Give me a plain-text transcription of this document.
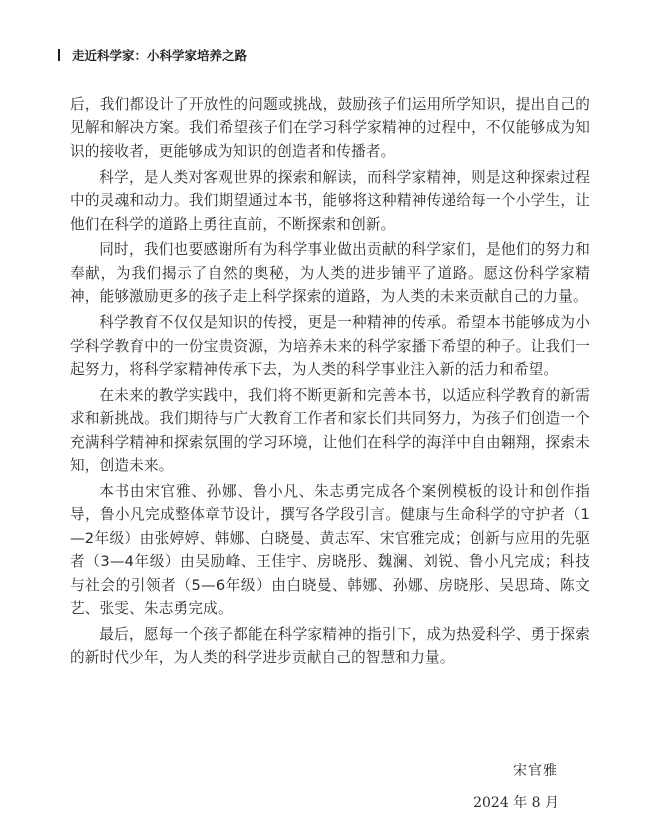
走近科学家：小科学家培养之路

后，我们都设计了开放性的问题或挑战，鼓励孩子们运用所学知识，提出自己的见解和解决方案。我们希望孩子们在学习科学家精神的过程中，不仅能够成为知识的接收者，更能够成为知识的创造者和传播者。

科学，是人类对客观世界的探索和解读，而科学家精神，则是这种探索过程中的灵魂和动力。我们期望通过本书，能够将这种精神传递给每一个小学生，让他们在科学的道路上勇往直前，不断探索和创新。

同时，我们也要感谢所有为科学事业做出贡献的科学家们，是他们的努力和奉献，为我们揭示了自然的奥秘，为人类的进步铺平了道路。愿这份科学家精神，能够激励更多的孩子走上科学探索的道路，为人类的未来贡献自己的力量。

科学教育不仅仅是知识的传授，更是一种精神的传承。希望本书能够成为小学科学教育中的一份宝贵资源，为培养未来的科学家播下希望的种子。让我们一起努力，将科学家精神传承下去，为人类的科学事业注入新的活力和希望。

在未来的教学实践中，我们将不断更新和完善本书，以适应科学教育的新需求和新挑战。我们期待与广大教育工作者和家长们共同努力，为孩子们创造一个充满科学精神和探索氛围的学习环境，让他们在科学的海洋中自由翱翔，探索未知，创造未来。

本书由宋官雅、孙娜、鲁小凡、朱志勇完成各个案例模板的设计和创作指导，鲁小凡完成整体章节设计，撰写各学段引言。健康与生命科学的守护者（1—2年级）由张婷婷、韩娜、白晓曼、黄志军、宋官雅完成；创新与应用的先驱者（3—4年级）由吴励峰、王佳宇、房晓彤、魏澜、刘锐、鲁小凡完成；科技与社会的引领者（5—6年级）由白晓曼、韩娜、孙娜、房晓彤、吴思琦、陈文艺、张雯、朱志勇完成。

最后，愿每一个孩子都能在科学家精神的指引下，成为热爱科学、勇于探索的新时代少年，为人类的科学进步贡献自己的智慧和力量。

宋官雅
2024 年 8 月
